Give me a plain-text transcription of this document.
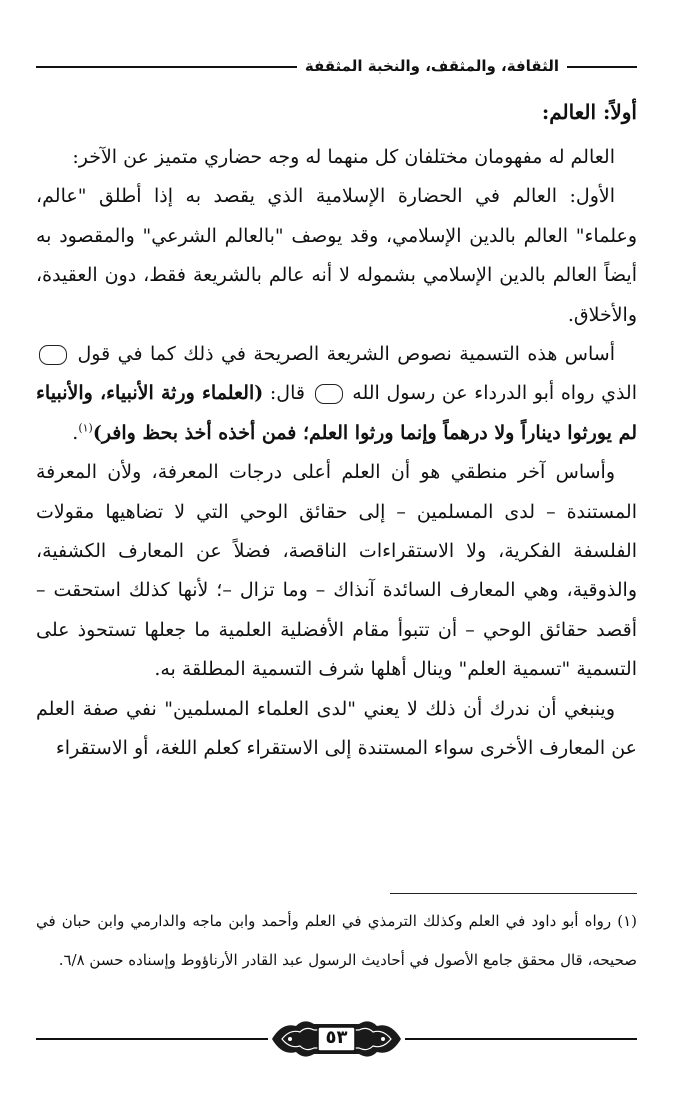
الثقافة، والمثقف، والنخبة المثقفة

أولاً: العالم:

العالم له مفهومان مختلفان كل منهما له وجه حضاري متميز عن الآخر:

الأول: العالم في الحضارة الإسلامية الذي يقصد به إذا أطلق "عالم، وعلماء" العالم بالدين الإسلامي، وقد يوصف "بالعالم الشرعي" والمقصود به أيضاً العالم بالدين الإسلامي بشموله لا أنه عالم بالشريعة فقط، دون العقيدة، والأخلاق.

أساس هذه التسمية نصوص الشريعة الصريحة في ذلك كما في قول  الذي رواه أبو الدرداء عن رسول الله  قال: (العلماء ورثة الأنبياء، والأنبياء لم يورثوا ديناراً ولا درهماً وإنما ورثوا العلم؛ فمن أخذه أخذ بحظ وافر)$^{(١)}$.

وأساس آخر منطقي هو أن العلم أعلى درجات المعرفة، ولأن المعرفة المستندة – لدى المسلمين – إلى حقائق الوحي التي لا تضاهيها مقولات الفلسفة الفكرية، ولا الاستقراءات الناقصة، فضلاً عن المعارف الكشفية، والذوقية، وهي المعارف السائدة آنذاك – وما تزال –؛ لأنها كذلك استحقت – أقصد حقائق الوحي – أن تتبوأ مقام الأفضلية العلمية ما جعلها تستحوذ على التسمية "تسمية العلم" وينال أهلها شرف التسمية المطلقة به.

وينبغي أن ندرك أن ذلك لا يعني "لدى العلماء المسلمين" نفي صفة العلم عن المعارف الأخرى سواء المستندة إلى الاستقراء كعلم اللغة، أو الاستقراء

(١) رواه أبو داود في العلم وكذلك الترمذي في العلم وأحمد وابن ماجه والدارمي وابن حبان في صحيحه، قال محقق جامع الأصول في أحاديث الرسول عبد القادر الأرناؤوط وإسناده حسن ٦/٨.

٥٣
